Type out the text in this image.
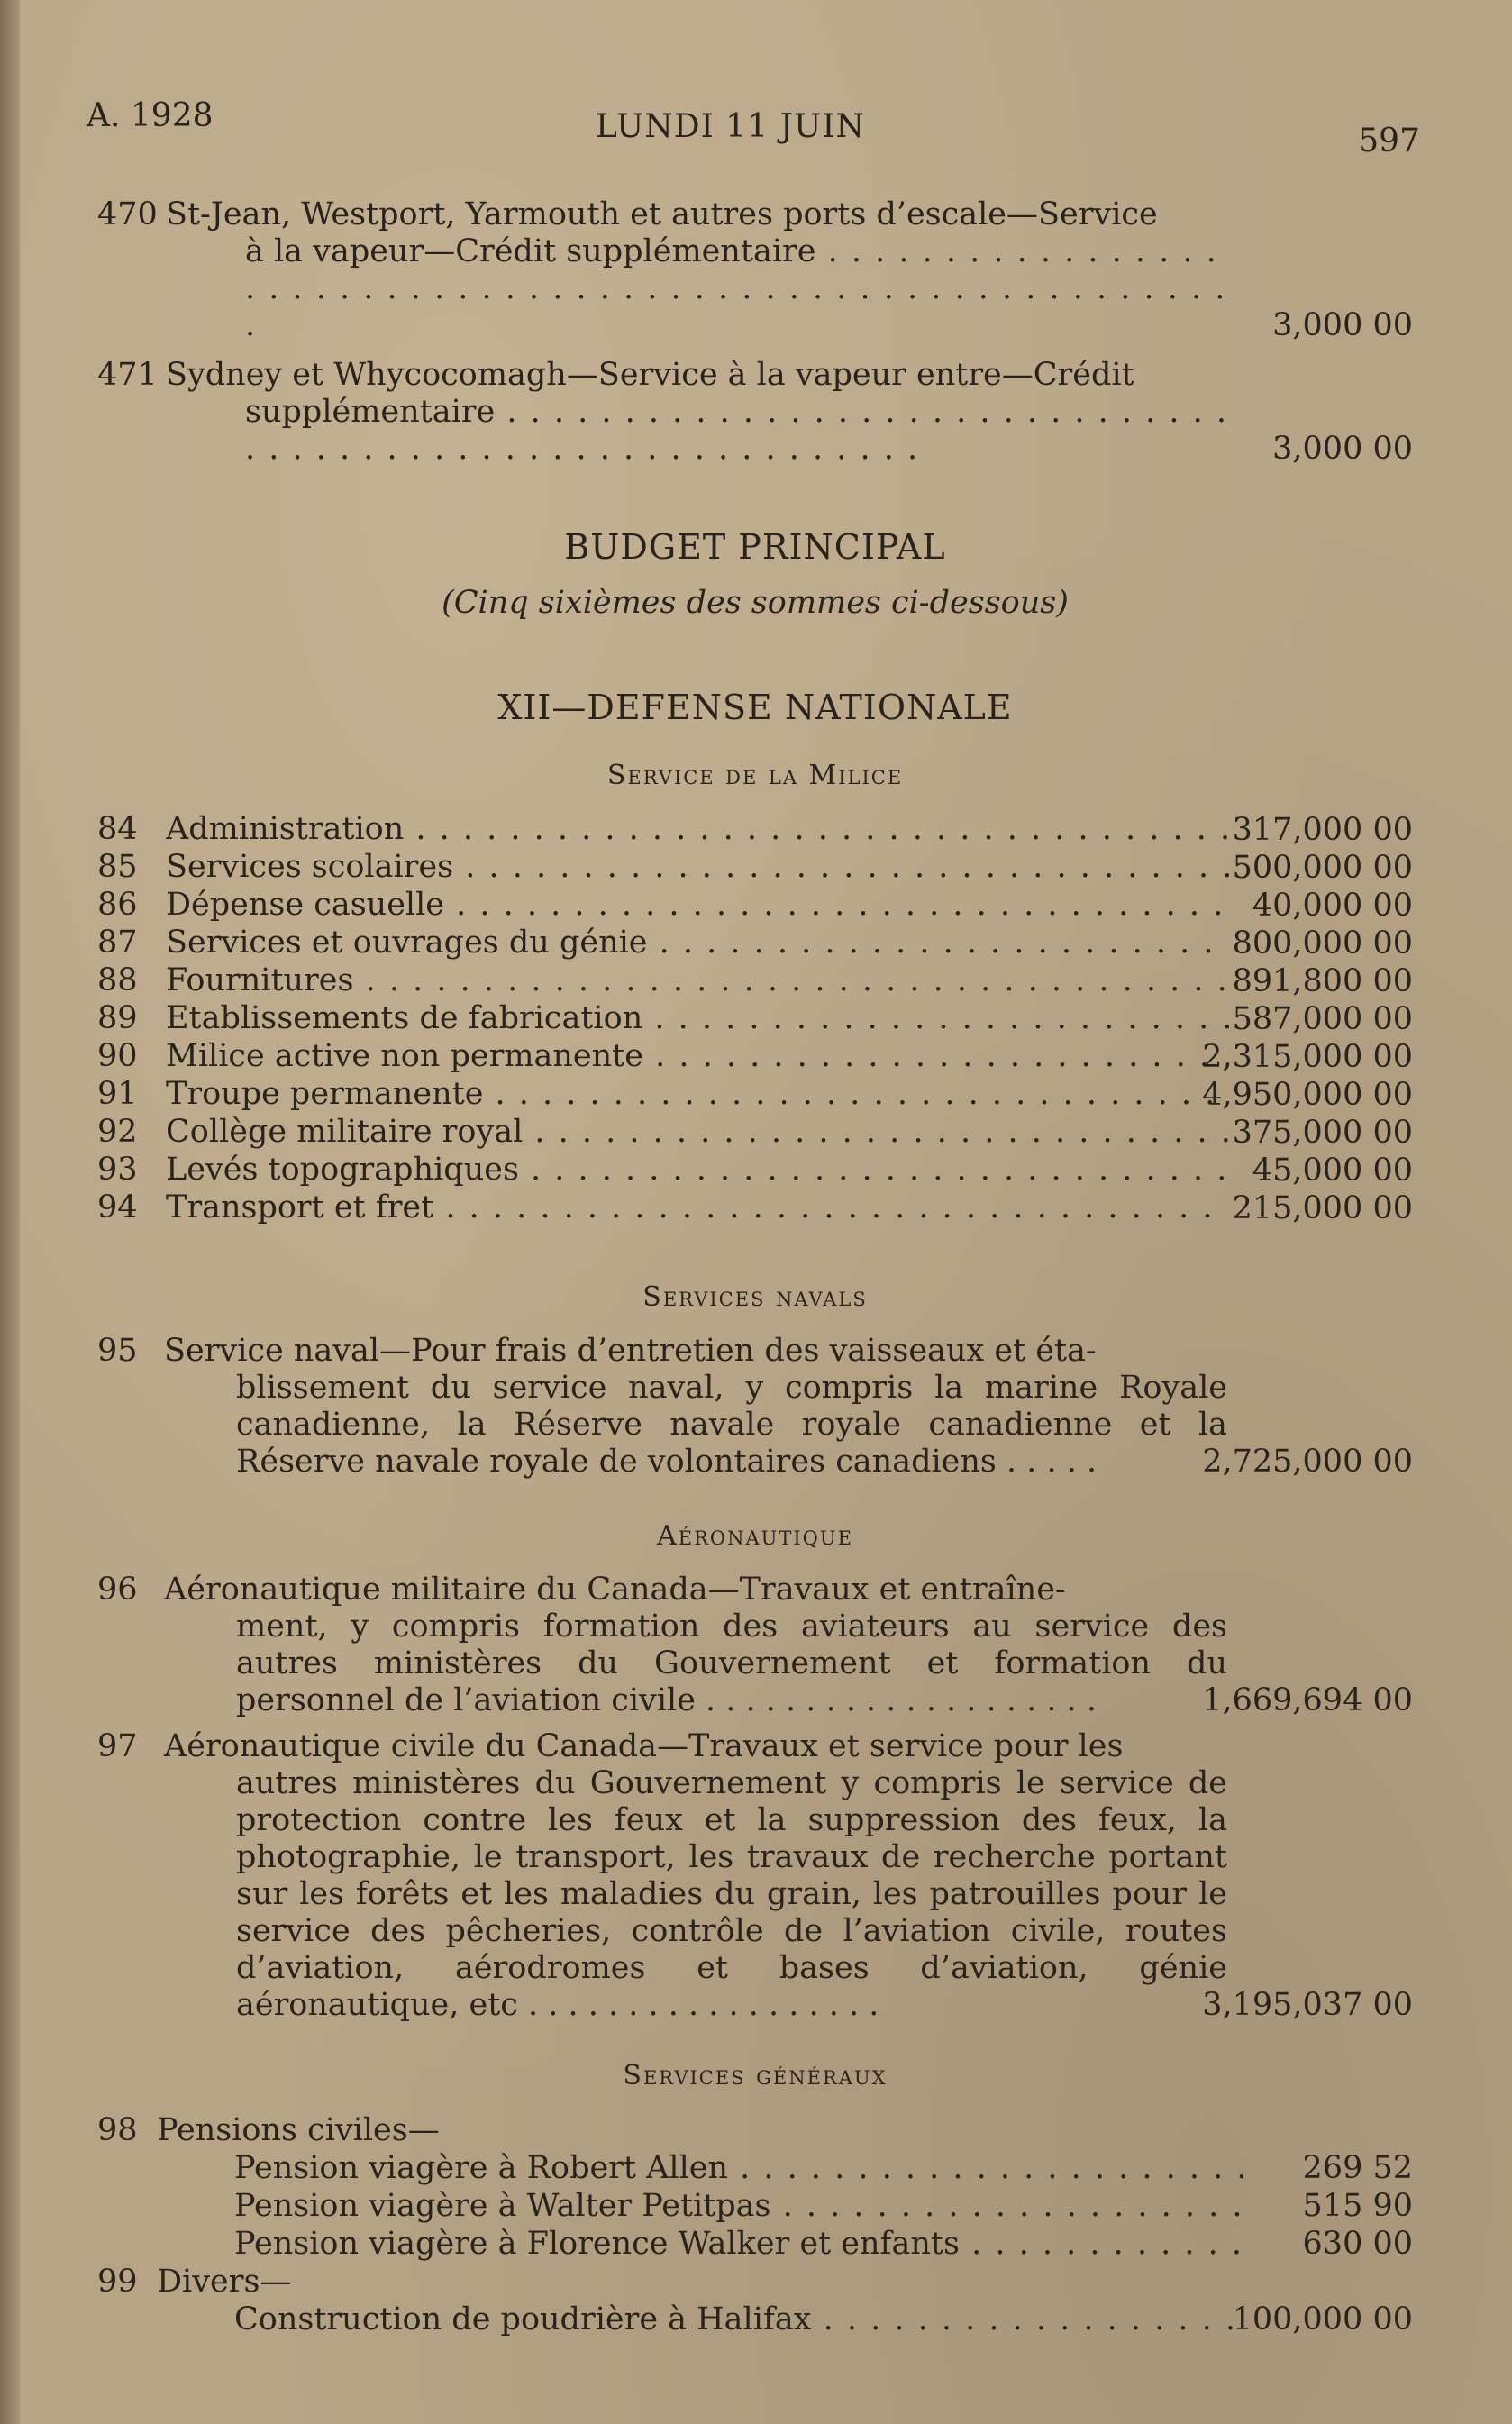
A. 1928	LUNDI 11 JUIN	597
470 St-Jean, Westport, Yarmouth et autres ports d’escale—Service
à la vapeur—Crédit supplémentaire . . .
3,000 00
471 Sydney et Whycocomagh—Service à la vapeur entre—Crédit
supplémentaire . . .
3,000 00
BUDGET PRINCIPAL
(Cinq sixièmes des sommes ci-dessous)
XII—DEFENSE NATIONALE
Service de la Milice
84 Administration . . .	317,000 00
85 Services scolaires . . .	500,000 00
86 Dépense casuelle . . .	40,000 00
87 Services et ouvrages du génie . . .	800,000 00
88 Fournitures . . .	891,800 00
89 Etablissements de fabrication . . .	587,000 00
90 Milice active non permanente . . .	2,315,000 00
91 Troupe permanente . . .	4,950,000 00
92 Collège militaire royal . . .	375,000 00
93 Levés topographiques . . .	45,000 00
94 Transport et fret . . .	215,000 00
Services navals
95 Service naval—Pour frais d’entretien des vaisseaux et éta-
blissement du service naval, y compris la marine Royale canadienne, la Réserve navale royale canadienne et la Réserve navale royale de volontaires canadiens . . . . .	2,725,000 00
Aéronautique
96 Aéronautique militaire du Canada—Travaux et entraîne-
ment, y compris formation des aviateurs au service des autres ministères du Gouvernement et formation du personnel de l’aviation civile . . . . . . . . . . . . . . . . . . . .	1,669,694 00
97 Aéronautique civile du Canada—Travaux et service pour les
autres ministères du Gouvernement y compris le service de protection contre les feux et la suppression des feux, la photographie, le transport, les travaux de recherche portant sur les forêts et les maladies du grain, les patrouilles pour le service des pêcheries, contrôle de l’aviation civile, routes d’aviation, aérodromes et bases d’aviation, génie aéronautique, etc . . . . . . . . . . . . . . . . . .	3,195,037 00
Services généraux
98 Pensions civiles—
Pension viagère à Robert Allen . . .	269 52
Pension viagère à Walter Petitpas . . .	515 90
Pension viagère à Florence Walker et enfants . . .	630 00
99 Divers—
Construction de poudrière à Halifax . . .	100,000 00
